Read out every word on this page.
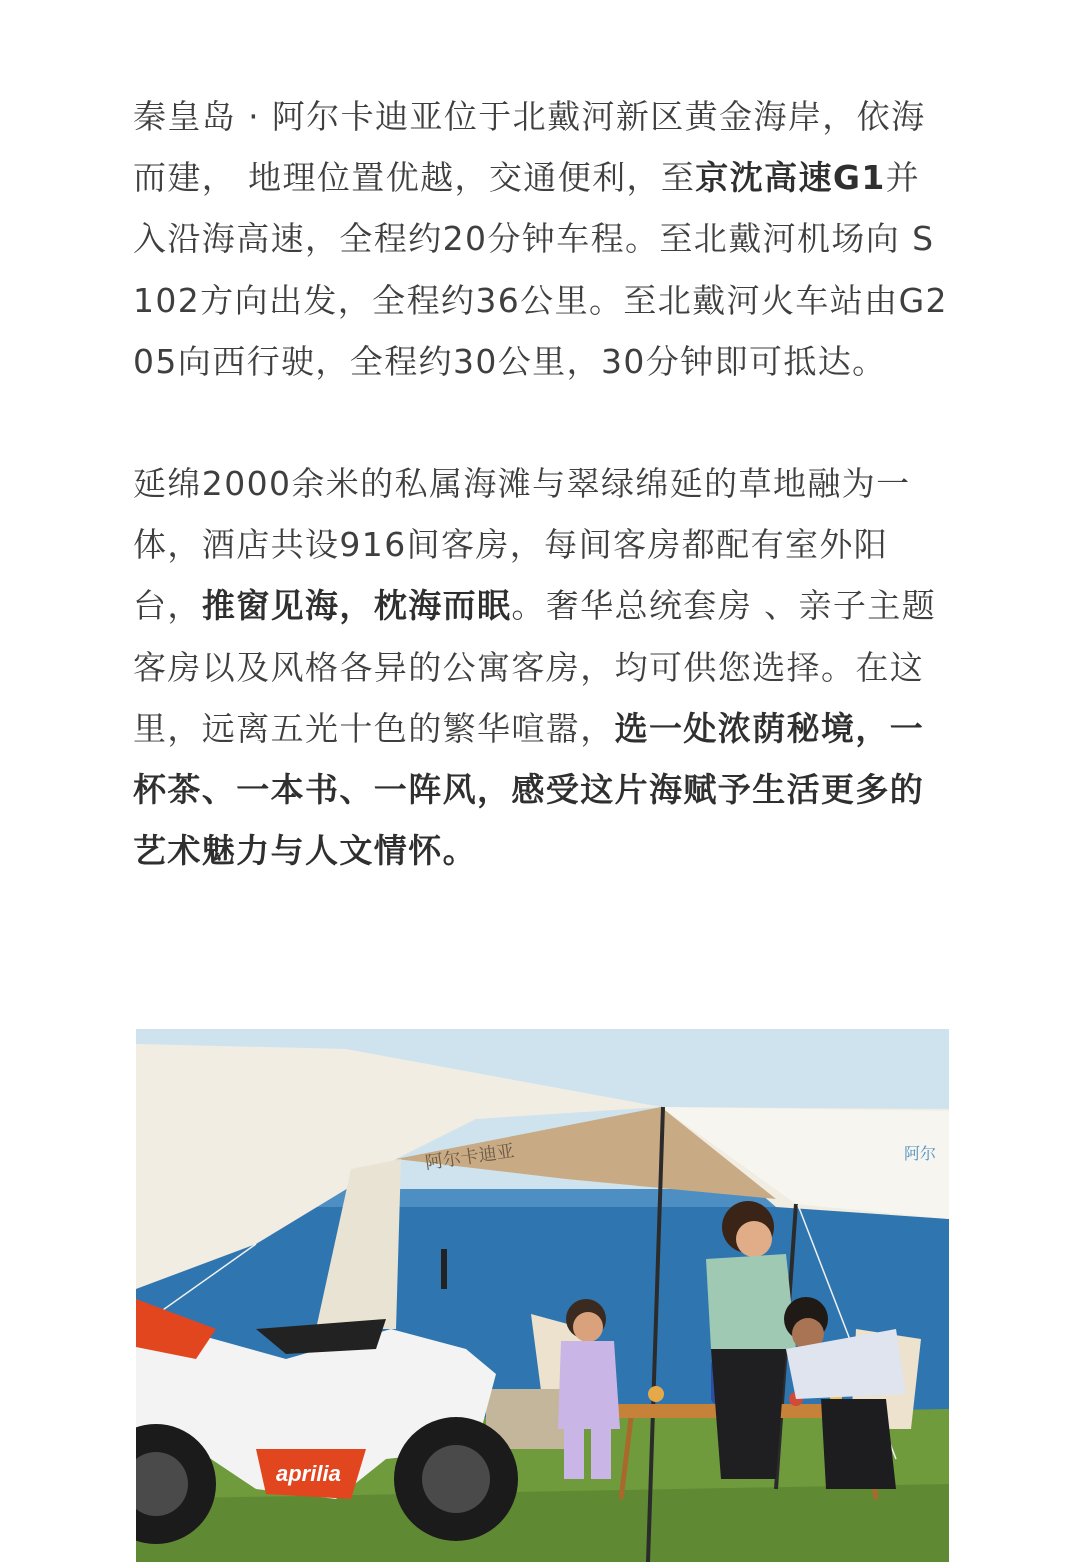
秦皇岛 · 阿尔卡迪亚位于北戴河新区黄金海岸，依海而建， 地理位置优越，交通便利，至京沈高速G1并入沿海高速，全程约20分钟车程。至北戴河机场向 S102方向出发，全程约36公里。至北戴河火车站由G205向西行驶，全程约30公里，30分钟即可抵达。

延绵2000余米的私属海滩与翠绿绵延的草地融为一体，酒店共设916间客房，每间客房都配有室外阳台，推窗见海，枕海而眠。奢华总统套房 、亲子主题客房以及风格各异的公寓客房，均可供您选择。在这里，远离五光十色的繁华喧嚣，选一处浓荫秘境，一杯茶、一本书、一阵风，感受这片海赋予生活更多的艺术魅力与人文情怀。

阿尔卡迪亚	阿尔
aprilia
